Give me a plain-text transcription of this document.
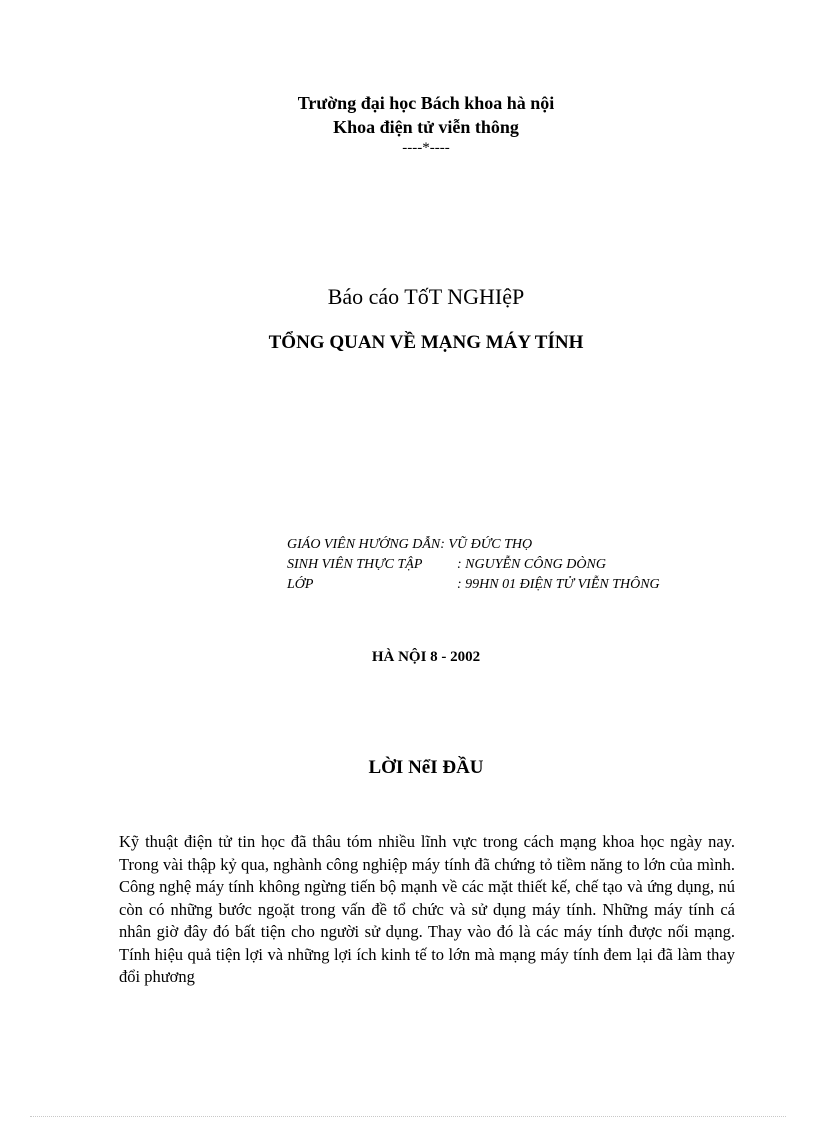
Trường đại học Bách khoa hà nội
Khoa điện tử viễn thông
----*----
Báo cáo TốT NGHIệP
TỔNG QUAN VỀ MẠNG MÁY TÍNH
GIÁO VIÊN HƯỚNG DẪN: VŨ ĐỨC THỌ
SINH VIÊN THỰC TẬP : NGUYỄN CÔNG DÒNG
LỚP	: 99HN 01 ĐIỆN TỬ VIỄN THÔNG
HÀ NỘI 8 - 2002
LỜI NểI ĐẦU

Kỹ thuật điện tử tin học đã thâu tóm nhiều lĩnh vực trong cách mạng khoa học ngày nay. Trong vài thập kỷ qua, nghành công nghiệp máy tính đã chứng tỏ tiềm năng to lớn của mình. Công nghệ máy tính không ngừng tiến bộ mạnh về các mặt thiết kế, chế tạo và ứng dụng, nú còn có những bước ngoặt trong vấn đề tổ chức và sử dụng máy tính. Những máy tính cá nhân giờ đây đó bất tiện cho người sử dụng. Thay vào đó là các máy tính được nối mạng. Tính hiệu quả tiện lợi và những lợi ích kinh tế to lớn mà mạng máy tính đem lại đã làm thay đổi phương
